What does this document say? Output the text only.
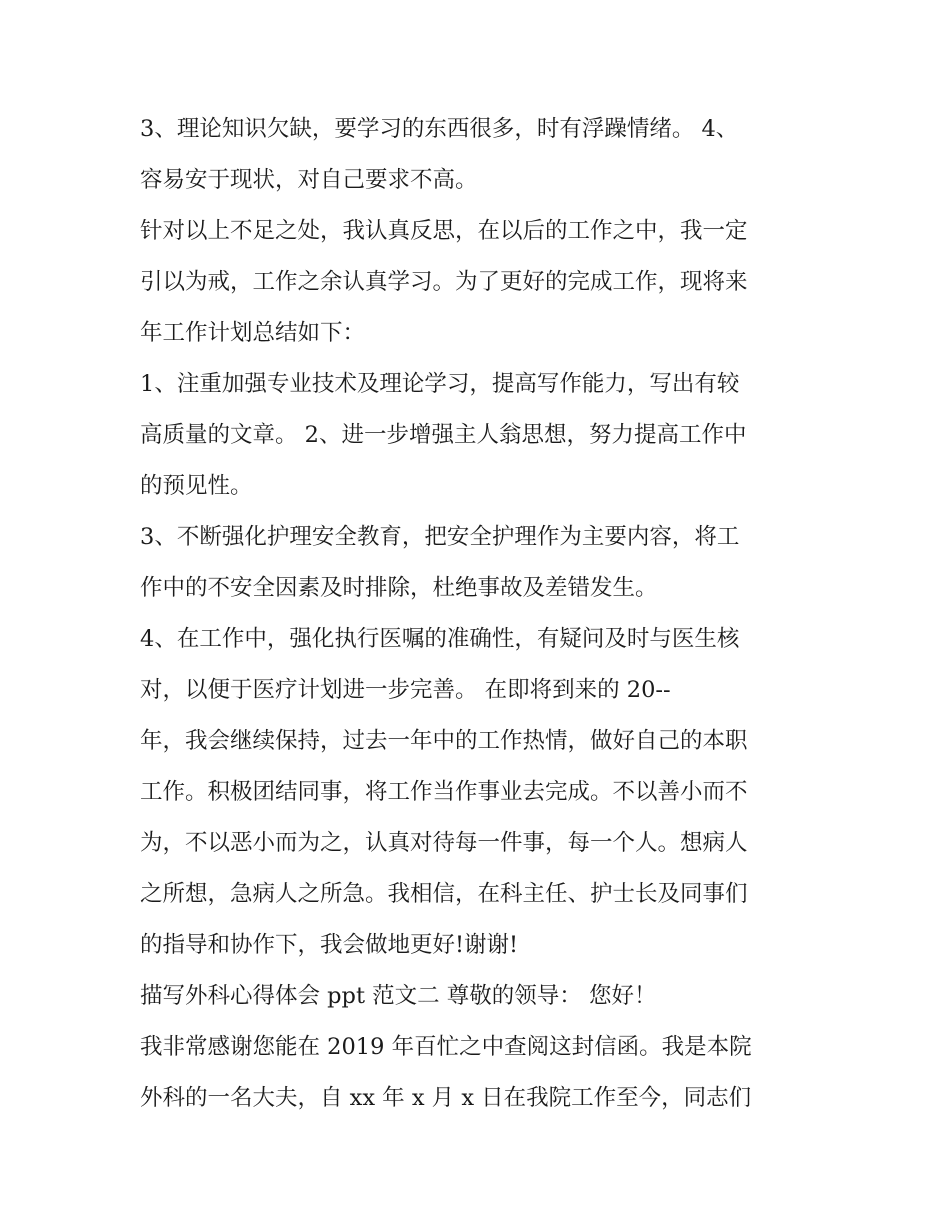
3、理论知识欠缺，要学习的东西很多，时有浮躁情绪。 4、
容易安于现状，对自己要求不高。
针对以上不足之处，我认真反思，在以后的工作之中，我一定
引以为戒，工作之余认真学习。为了更好的完成工作，现将来
年工作计划总结如下：
1、注重加强专业技术及理论学习，提高写作能力，写出有较
高质量的文章。 2、进一步增强主人翁思想，努力提高工作中
的预见性。
3、不断强化护理安全教育，把安全护理作为主要内容，将工
作中的不安全因素及时排除，杜绝事故及差错发生。
4、在工作中，强化执行医嘱的准确性，有疑问及时与医生核
对，以便于医疗计划进一步完善。 在即将到来的 20--
年，我会继续保持，过去一年中的工作热情，做好自己的本职
工作。积极团结同事，将工作当作事业去完成。不以善小而不
为，不以恶小而为之，认真对待每一件事，每一个人。想病人
之所想，急病人之所急。我相信，在科主任、护士长及同事们
的指导和协作下，我会做地更好!谢谢!
描写外科心得体会 ppt 范文二 尊敬的领导： 您好！
我非常感谢您能在 2019 年百忙之中查阅这封信函。我是本院
外科的一名大夫，自 xx 年 x 月 x 日在我院工作至今，同志们
